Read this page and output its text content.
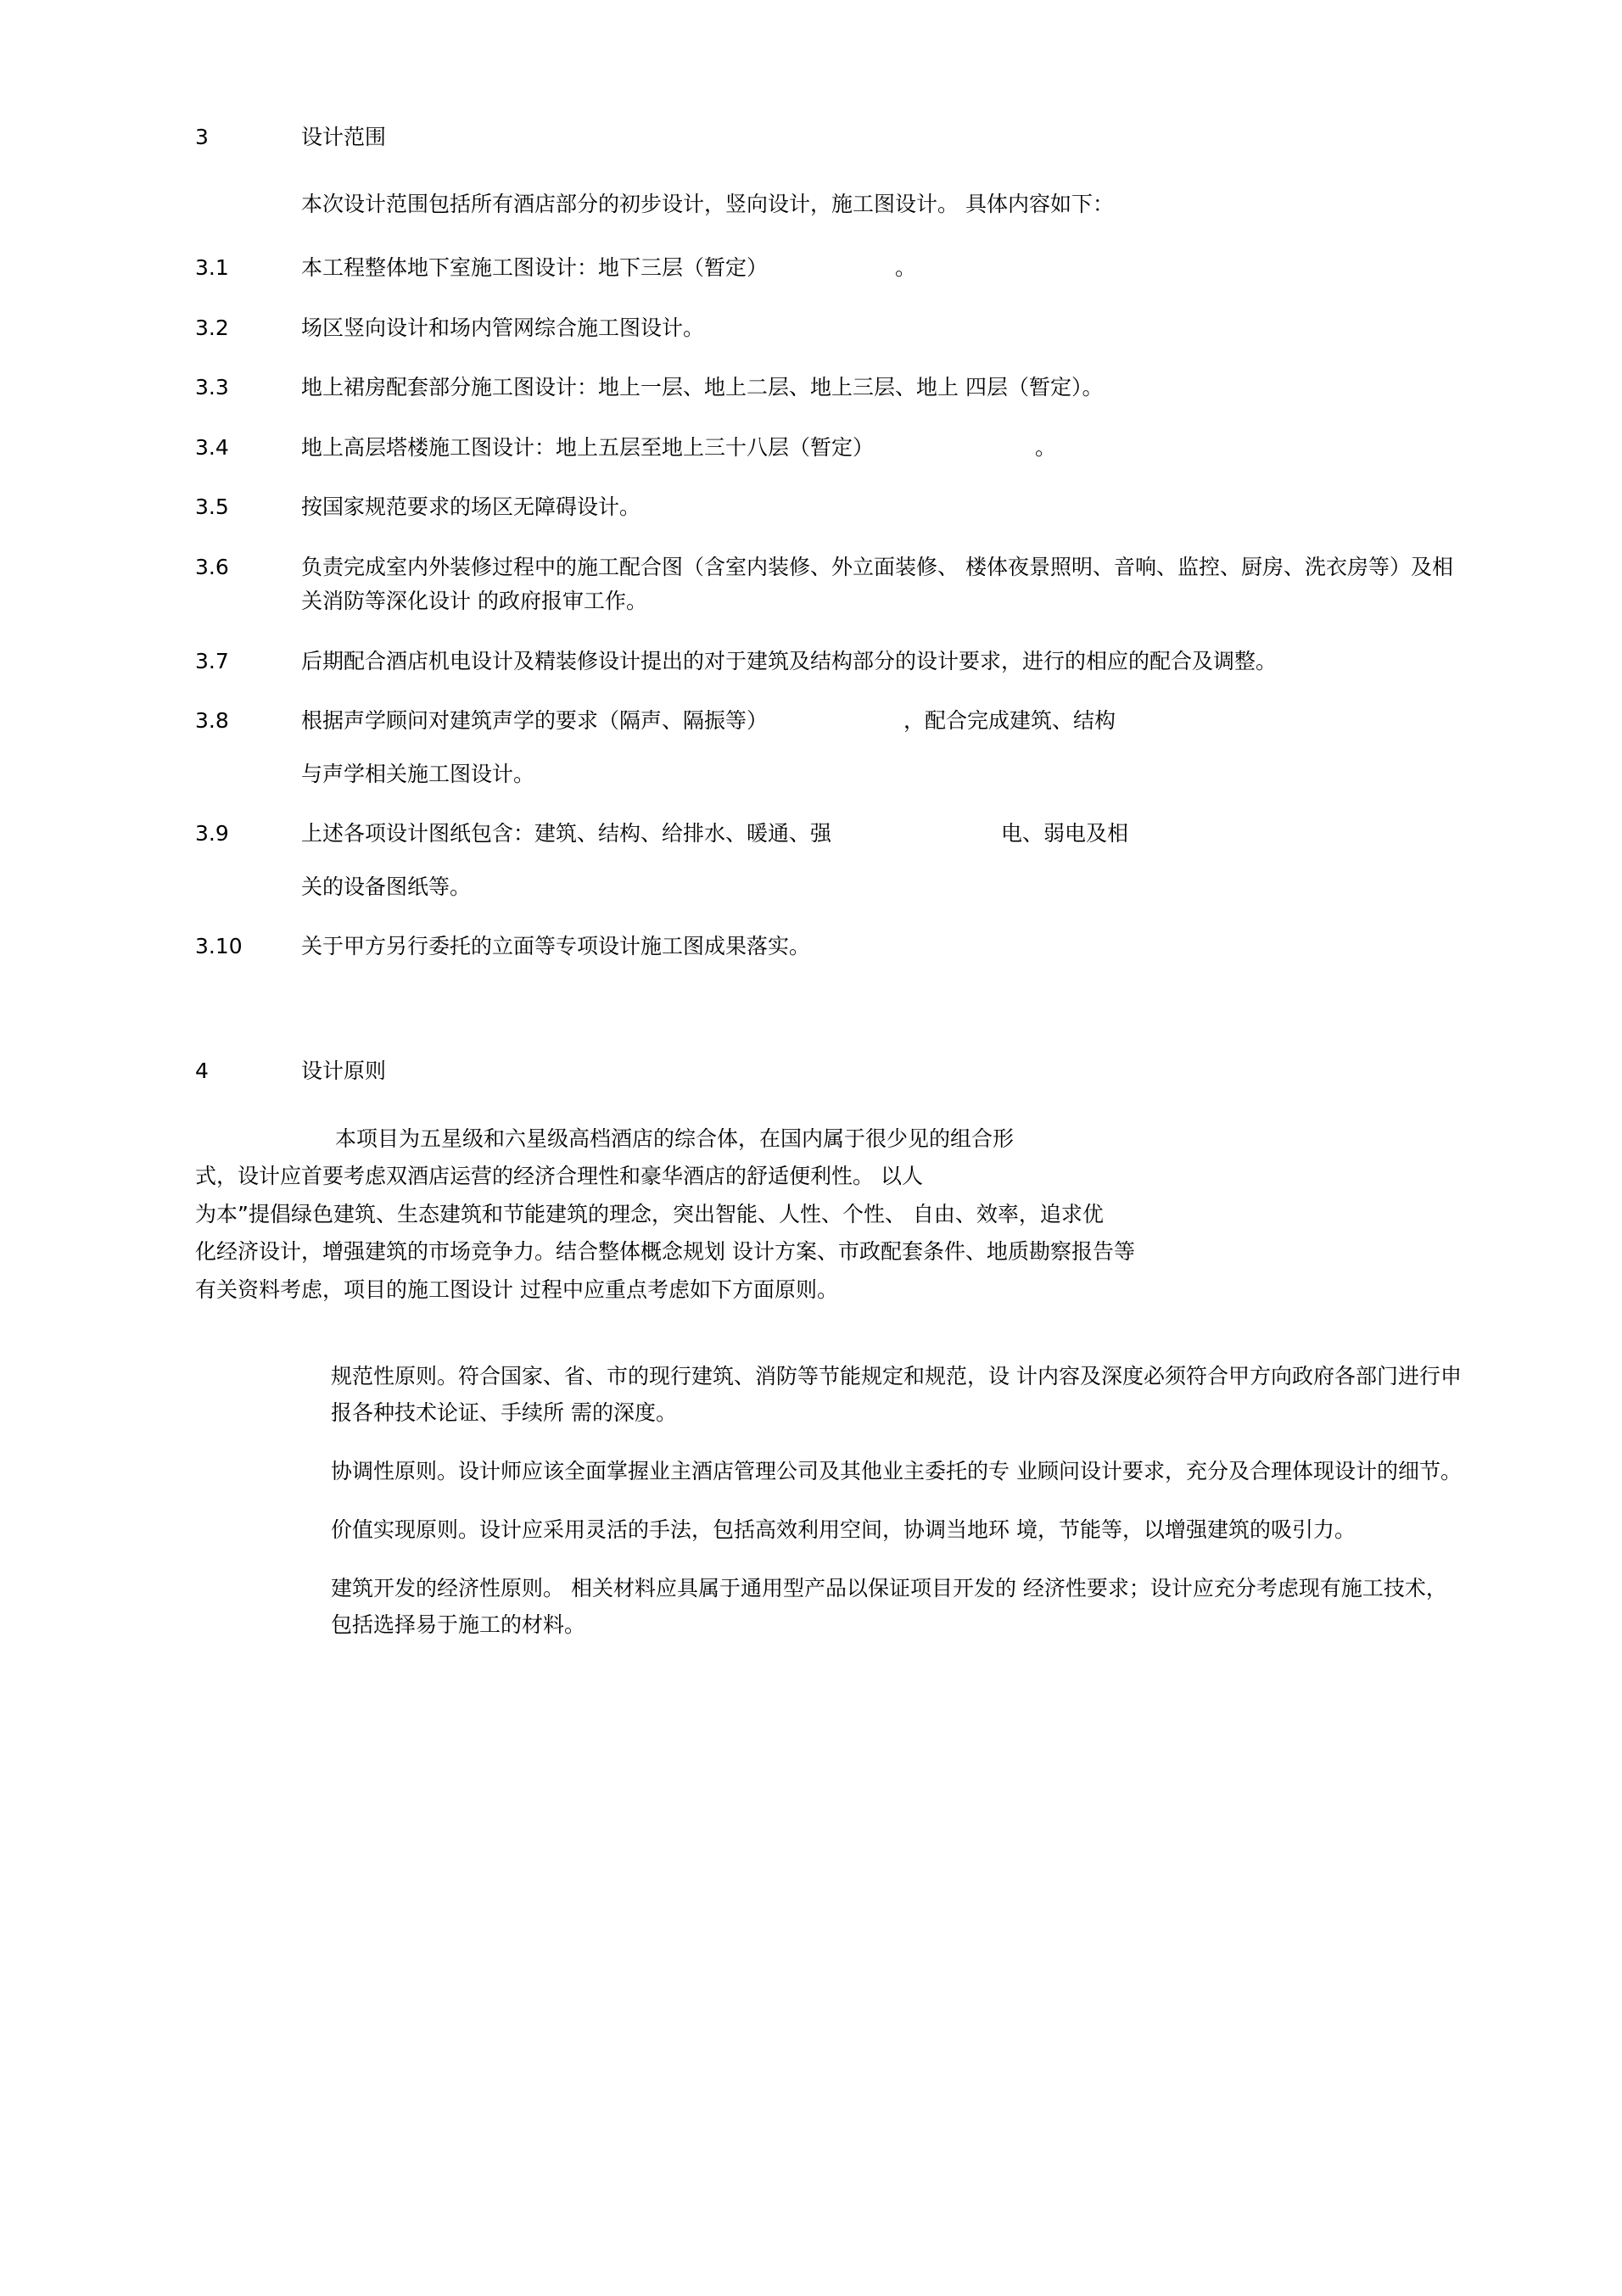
3	设计范围
本次设计范围包括所有酒店部分的初步设计，竖向设计，施工图设计。 具体内容如下：
3.1	本工程整体地下室施工图设计：地下三层（暂定）	。
3.2	场区竖向设计和场内管网综合施工图设计。
3.3	地上裙房配套部分施工图设计：地上一层、地上二层、地上三层、地上 四层（暂定）。
3.4	地上高层塔楼施工图设计：地上五层至地上三十八层（暂定）	。
3.5	按国家规范要求的场区无障碍设计。
3.6	负责完成室内外装修过程中的施工配合图（含室内装修、外立面装修、 楼体夜景照明、音响、监控、厨房、洗衣房等）及相关消防等深化设计 的政府报审工作。
3.7	后期配合酒店机电设计及精装修设计提出的对于建筑及结构部分的设计要求，进行的相应的配合及调整。
3.8	根据声学顾问对建筑声学的要求（隔声、隔振等）	，配合完成建筑、结构
与声学相关施工图设计。
3.9	上述各项设计图纸包含：建筑、结构、给排水、暖通、强	电、弱电及相
关的设备图纸等。
3.10	关于甲方另行委托的立面等专项设计施工图成果落实。
4	设计原则

本项目为五星级和六星级高档酒店的综合体，在国内属于很少见的组合形

式，设计应首要考虑双酒店运营的经济合理性和豪华酒店的舒适便利性。 以人

为本”提倡绿色建筑、生态建筑和节能建筑的理念，突出智能、人性、个性、 自由、效率，追求优

化经济设计，增强建筑的市场竞争力。结合整体概念规划 设计方案、市政配套条件、地质勘察报告等

有关资料考虑，项目的施工图设计 过程中应重点考虑如下方面原则。

规范性原则。符合国家、省、市的现行建筑、消防等节能规定和规范，设 计内容及深度必须符合甲方向政府各部门进行申报各种技术论证、手续所 需的深度。

协调性原则。设计师应该全面掌握业主酒店管理公司及其他业主委托的专 业顾问设计要求，充分及合理体现设计的细节。

价值实现原则。设计应采用灵活的手法，包括高效利用空间，协调当地环 境，节能等，以增强建筑的吸引力。

建筑开发的经济性原则。 相关材料应具属于通用型产品以保证项目开发的 经济性要求；设计应充分考虑现有施工技术，包括选择易于施工的材料。
